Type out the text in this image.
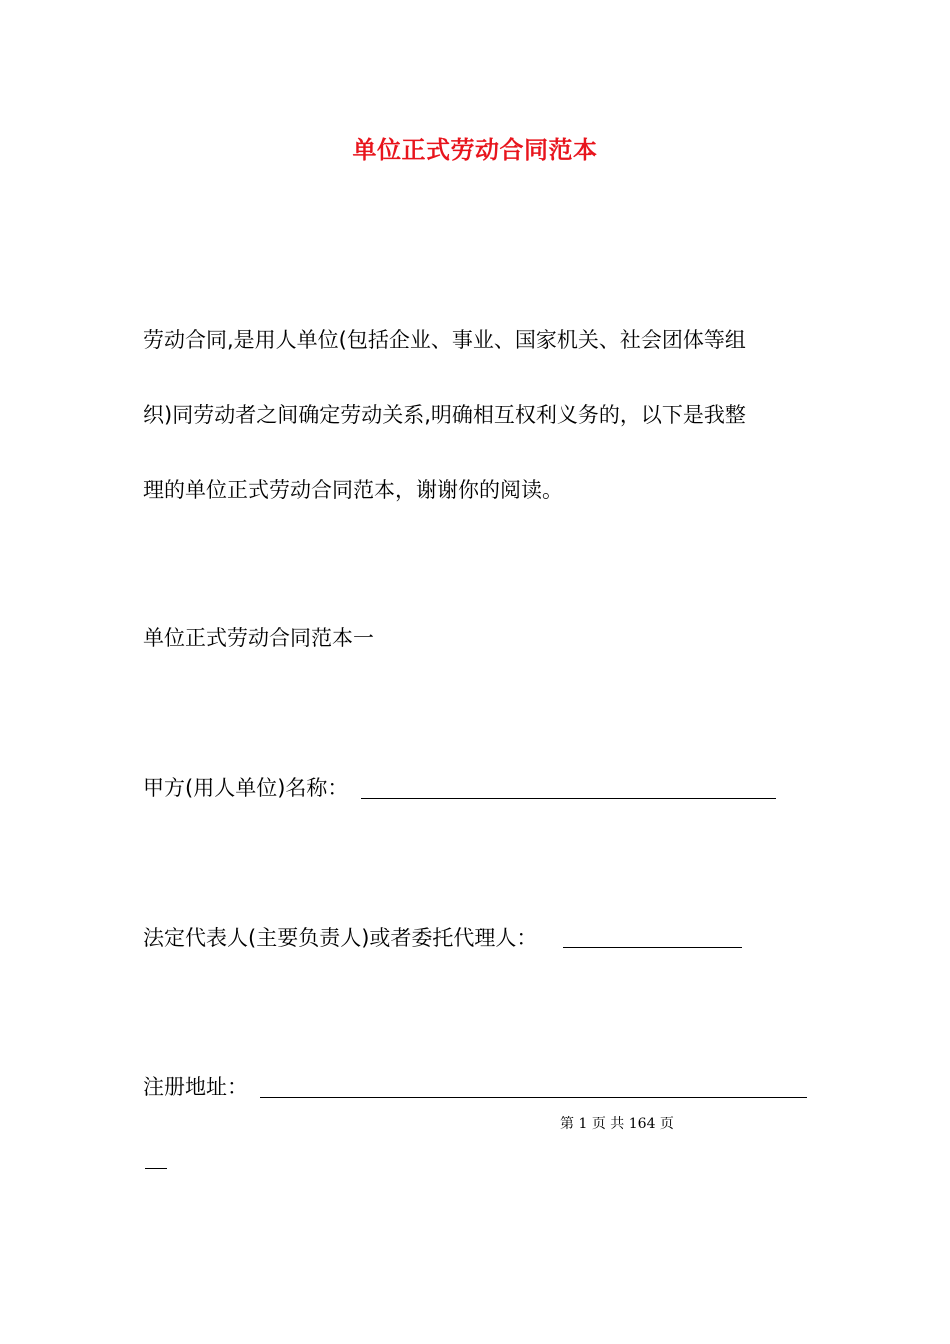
单位正式劳动合同范本
劳动合同,是用人单位(包括企业、事业、国家机关、社会团体等组
织)同劳动者之间确定劳动关系,明确相互权利义务的，以下是我整
理的单位正式劳动合同范本，谢谢你的阅读。
单位正式劳动合同范本一
甲方(用人单位)名称：
法定代表人(主要负责人)或者委托代理人：
注册地址：
第 1 页 共 164 页
